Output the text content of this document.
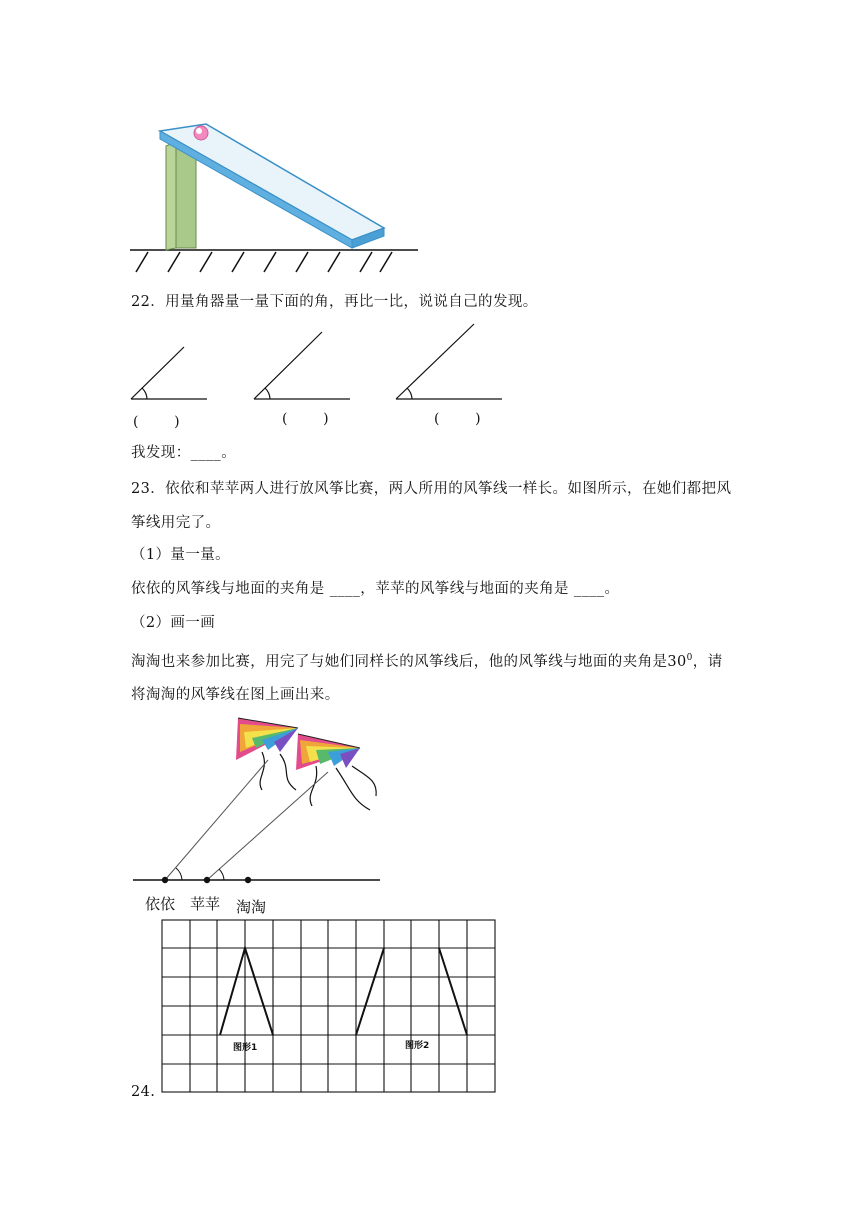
22．用量角器量一量下面的角，再比一比，说说自己的发现。
(        )	(        )	(        )
我发现：____。
23．依依和苹苹两人进行放风筝比赛，两人所用的风筝线一样长。如图所示，在她们都把风
筝线用完了。
（1）量一量。
依依的风筝线与地面的夹角是 ____，苹苹的风筝线与地面的夹角是 ____。
（2）画一画
淘淘也来参加比赛，用完了与她们同样长的风筝线后，他的风筝线与地面的夹角是$30^0$，请
将淘淘的风筝线在图上画出来。
依依 苹苹 淘淘
图形1	图形2
24.
